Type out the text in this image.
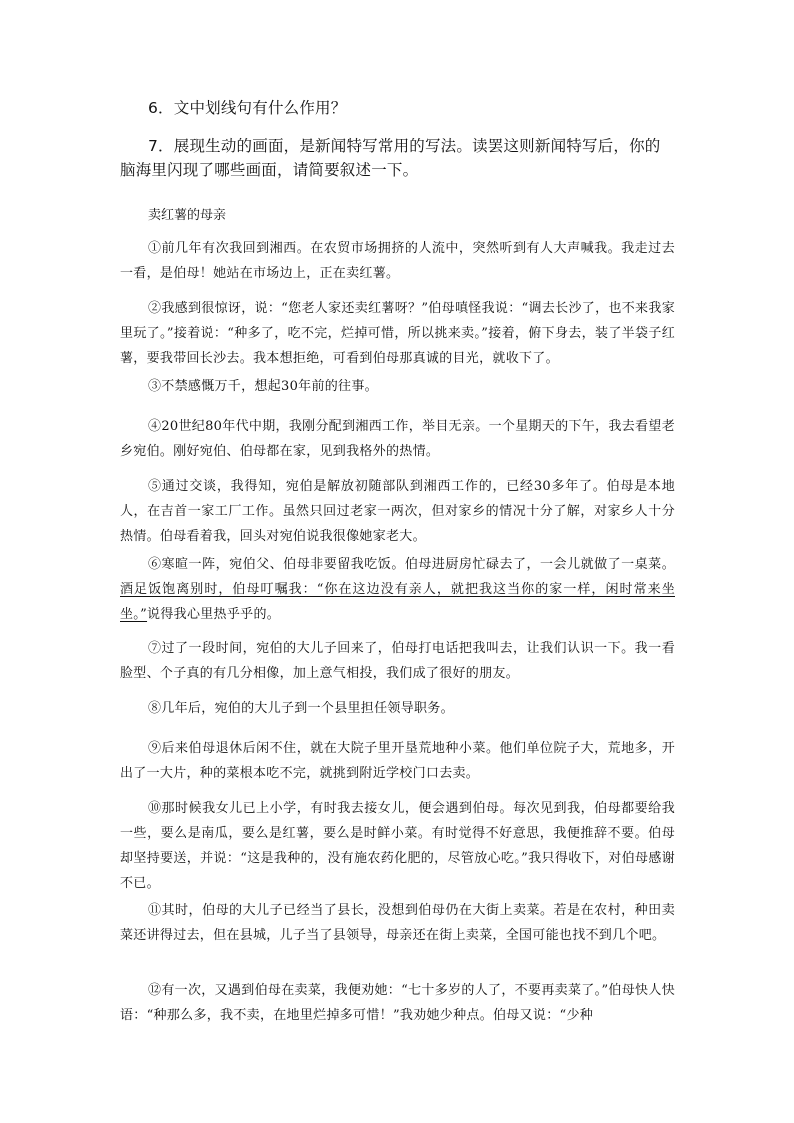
6．文中划线句有什么作用？

7．展现生动的画面，是新闻特写常用的写法。读罢这则新闻特写后，你的脑海里闪现了哪些画面，请简要叙述一下。

卖红薯的母亲

①前几年有次我回到湘西。在农贸市场拥挤的人流中，突然听到有人大声喊我。我走过去一看，是伯母！她站在市场边上，正在卖红薯。

②我感到很惊讶，说：“您老人家还卖红薯呀？”伯母嗔怪我说：“调去长沙了，也不来我家里玩了。”接着说：“种多了，吃不完，烂掉可惜，所以挑来卖。”接着，俯下身去，装了半袋子红薯，要我带回长沙去。我本想拒绝，可看到伯母那真诚的目光，就收下了。

③不禁感慨万千，想起30年前的往事。

④20世纪80年代中期，我刚分配到湘西工作，举目无亲。一个星期天的下午，我去看望老乡宛伯。刚好宛伯、伯母都在家，见到我格外的热情。

⑤通过交谈，我得知，宛伯是解放初随部队到湘西工作的，已经30多年了。伯母是本地人，在吉首一家工厂工作。虽然只回过老家一两次，但对家乡的情况十分了解，对家乡人十分热情。伯母看着我，回头对宛伯说我很像她家老大。

⑥寒暄一阵，宛伯父、伯母非要留我吃饭。伯母进厨房忙碌去了，一会儿就做了一桌菜。酒足饭饱离别时，伯母叮嘱我：“你在这边没有亲人，就把我这当你的家一样，闲时常来坐坐。”说得我心里热乎乎的。

⑦过了一段时间，宛伯的大儿子回来了，伯母打电话把我叫去，让我们认识一下。我一看脸型、个子真的有几分相像，加上意气相投，我们成了很好的朋友。

⑧几年后，宛伯的大儿子到一个县里担任领导职务。

⑨后来伯母退休后闲不住，就在大院子里开垦荒地种小菜。他们单位院子大，荒地多，开出了一大片，种的菜根本吃不完，就挑到附近学校门口去卖。

⑩那时候我女儿已上小学，有时我去接女儿，便会遇到伯母。每次见到我，伯母都要给我一些，要么是南瓜，要么是红薯，要么是时鲜小菜。有时觉得不好意思，我便推辞不要。伯母却坚持要送，并说：“这是我种的，没有施农药化肥的，尽管放心吃。”我只得收下，对伯母感谢不已。

⑪其时，伯母的大儿子已经当了县长，没想到伯母仍在大街上卖菜。若是在农村，种田卖菜还讲得过去，但在县城，儿子当了县领导，母亲还在街上卖菜，全国可能也找不到几个吧。

⑫有一次，又遇到伯母在卖菜，我便劝她：“七十多岁的人了，不要再卖菜了。”伯母快人快语：“种那么多，我不卖，在地里烂掉多可惜！”我劝她少种点。伯母又说：“少种
